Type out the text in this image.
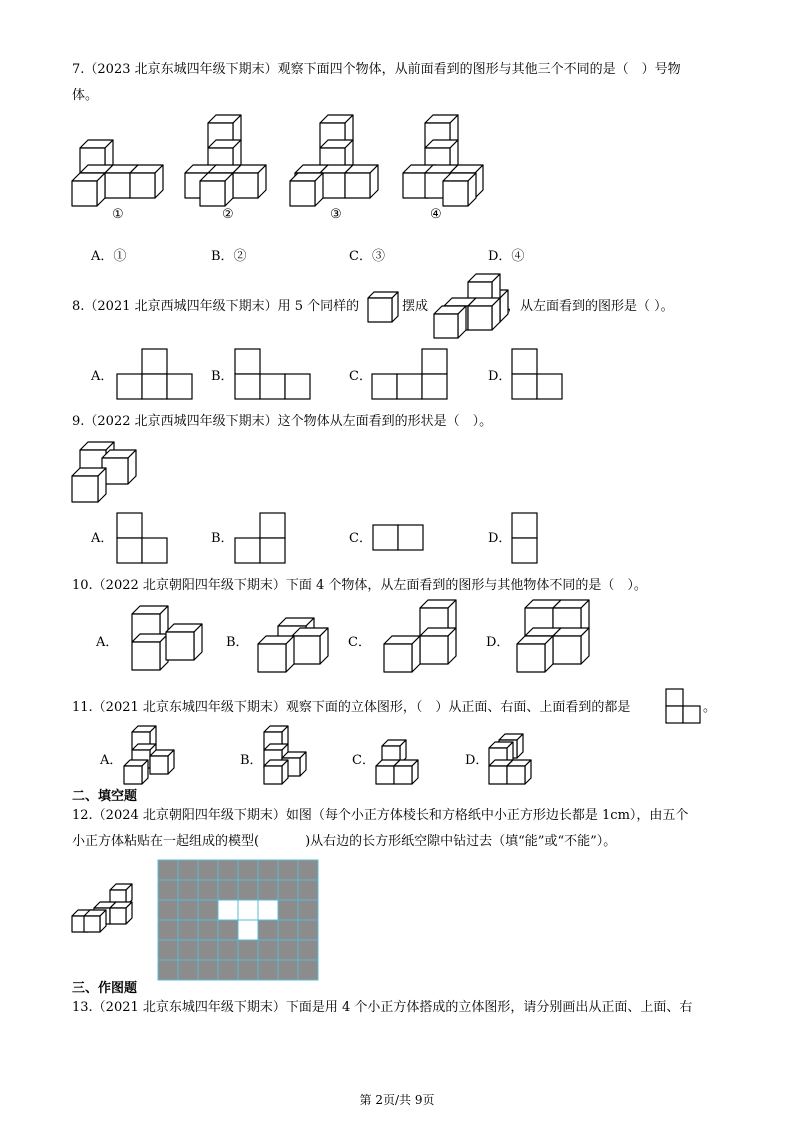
7.（2023 北京东城四年级下期末）观察下面四个物体，从前面看到的图形与其他三个不同的是（　）号物
体。
①	②	③	④
A．①	B．②	C．③	D．④
8.（2021 北京西城四年级下期末）用 5 个同样的	摆成	，从左面看到的图形是（ ）。
A．	B．	C．	D．
9.（2022 北京西城四年级下期末）这个物体从左面看到的形状是（　）。
A．	B．	C．	D．
10.（2022 北京朝阳四年级下期末）下面 4 个物体，从左面看到的图形与其他物体不同的是（　）。
A．	B．	C．	D．
11.（2021 北京东城四年级下期末）观察下面的立体图形，（　）从正面、右面、上面看到的都是	。
A．	B．	C．	D．
二、填空题
12.（2024 北京朝阳四年级下期末）如图（每个小正方体棱长和方格纸中小正方形边长都是 1cm），由五个
小正方体粘贴在一起组成的模型(	)从右边的长方形纸空隙中钻过去（填“能”或“不能”）。
三、作图题
13.（2021 北京东城四年级下期末）下面是用 4 个小正方体搭成的立体图形，请分别画出从正面、上面、右
第 2页/共 9页
